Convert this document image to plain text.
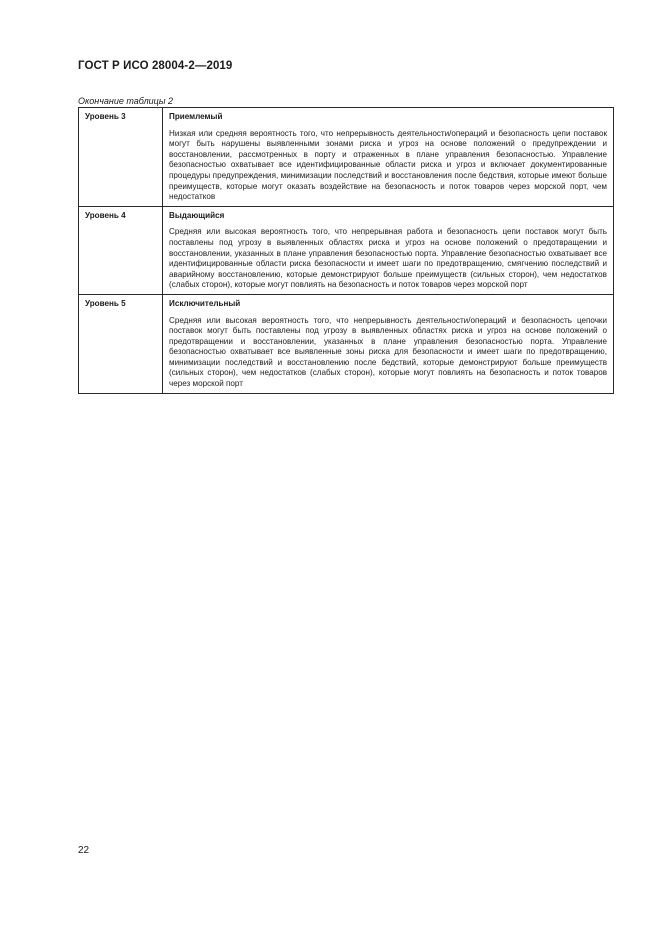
ГОСТ Р ИСО 28004-2—2019
Окончание таблицы 2
Уровень 3	Приемлемый
Низкая или средняя вероятность того, что непрерывность деятельности/операций и безопасность цепи поставок могут быть нарушены выявленными зонами риска и угроз на основе положений о предупреждении и восстановлении, рассмотренных в порту и отраженных в плане управления безопасностью. Управление безопасностью охватывает все идентифицированные области риска и угроз и включает документированные процедуры предупреждения, минимизации последствий и восстановления после бедствия, которые имеют больше преимуществ, которые могут оказать воздействие на безопасность и поток товаров через морской порт, чем недостатков

Уровень 4	Выдающийся
Средняя или высокая вероятность того, что непрерывная работа и безопасность цепи поставок могут быть поставлены под угрозу в выявленных областях риска и угроз на основе положений о предотвращении и восстановлении, указанных в плане управления безопасностью порта. Управление безопасностью охватывает все идентифицированные области риска безопасности и имеет шаги по предотвращению, смягчению последствий и аварийному восстановлению, которые демонстрируют больше преимуществ (сильных сторон), чем недостатков (слабых сторон), которые могут повлиять на безопасность и поток товаров через морской порт

Уровень 5	Исключительный
Средняя или высокая вероятность того, что непрерывность деятельности/операций и безопасность цепочки поставок могут быть поставлены под угрозу в выявленных областях риска и угроз на основе положений о предотвращении и восстановлении, указанных в плане управления безопасностью порта. Управление безопасностью охватывает все выявленные зоны риска для безопасности и имеет шаги по предотвращению, минимизации последствий и восстановлению после бедствий, которые демонстрируют больше преимуществ (сильных сторон), чем недостатков (слабых сторон), которые могут повлиять на безопасность и поток товаров через морской порт
22
